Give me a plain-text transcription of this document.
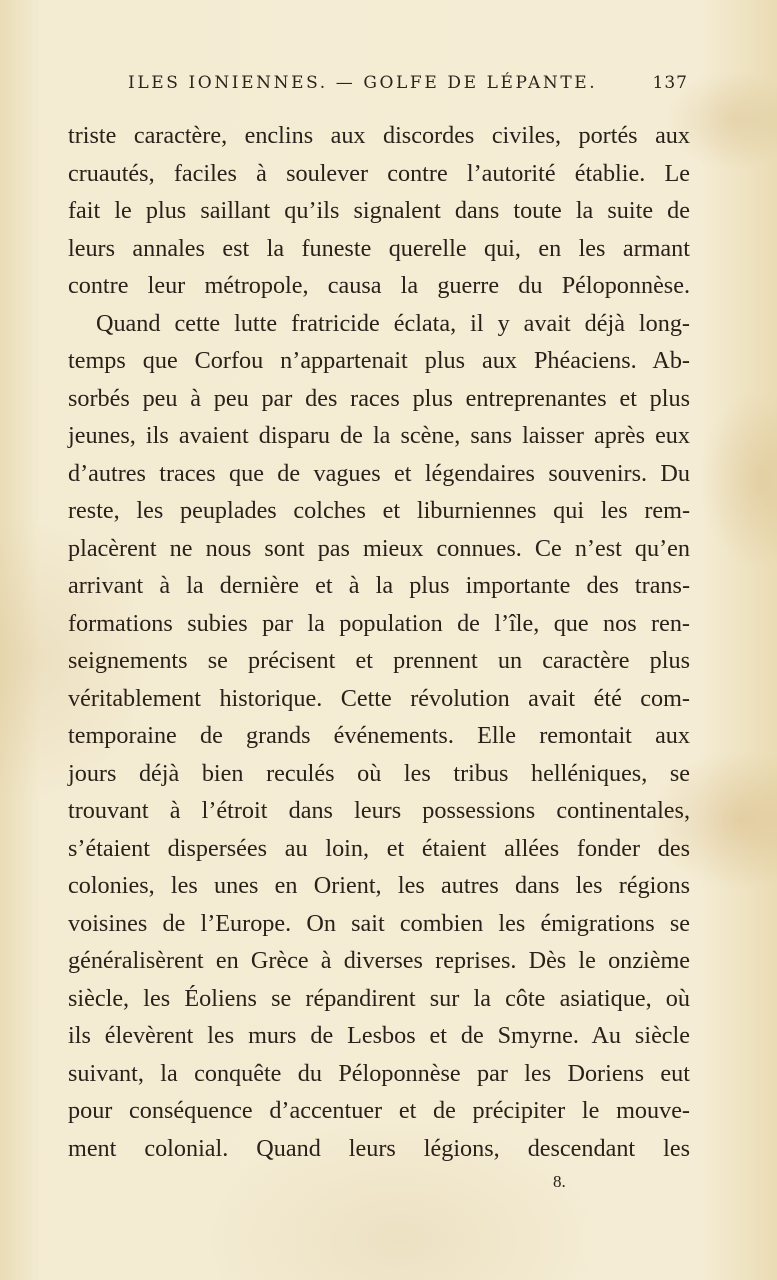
ILES IONIENNES. — GOLFE DE LÉPANTE.	137
triste caractère, enclins aux discordes civiles, portés aux
cruautés, faciles à soulever contre l’autorité établie. Le
fait le plus saillant qu’ils signalent dans toute la suite de
leurs annales est la funeste querelle qui, en les armant
contre leur métropole, causa la guerre du Péloponnèse.
Quand cette lutte fratricide éclata, il y avait déjà long-
temps que Corfou n’appartenait plus aux Phéaciens. Ab-
sorbés peu à peu par des races plus entreprenantes et plus
jeunes, ils avaient disparu de la scène, sans laisser après eux
d’autres traces que de vagues et légendaires souvenirs. Du
reste, les peuplades colches et liburniennes qui les rem-
placèrent ne nous sont pas mieux connues. Ce n’est qu’en
arrivant à la dernière et à la plus importante des trans-
formations subies par la population de l’île, que nos ren-
seignements se précisent et prennent un caractère plus
véritablement historique. Cette révolution avait été com-
temporaine de grands événements. Elle remontait aux
jours déjà bien reculés où les tribus helléniques, se
trouvant à l’étroit dans leurs possessions continentales,
s’étaient dispersées au loin, et étaient allées fonder des
colonies, les unes en Orient, les autres dans les régions
voisines de l’Europe. On sait combien les émigrations se
généralisèrent en Grèce à diverses reprises. Dès le onzième
siècle, les Éoliens se répandirent sur la côte asiatique, où
ils élevèrent les murs de Lesbos et de Smyrne. Au siècle
suivant, la conquête du Péloponnèse par les Doriens eut
pour conséquence d’accentuer et de précipiter le mouve-
ment colonial. Quand leurs légions, descendant les
8.
